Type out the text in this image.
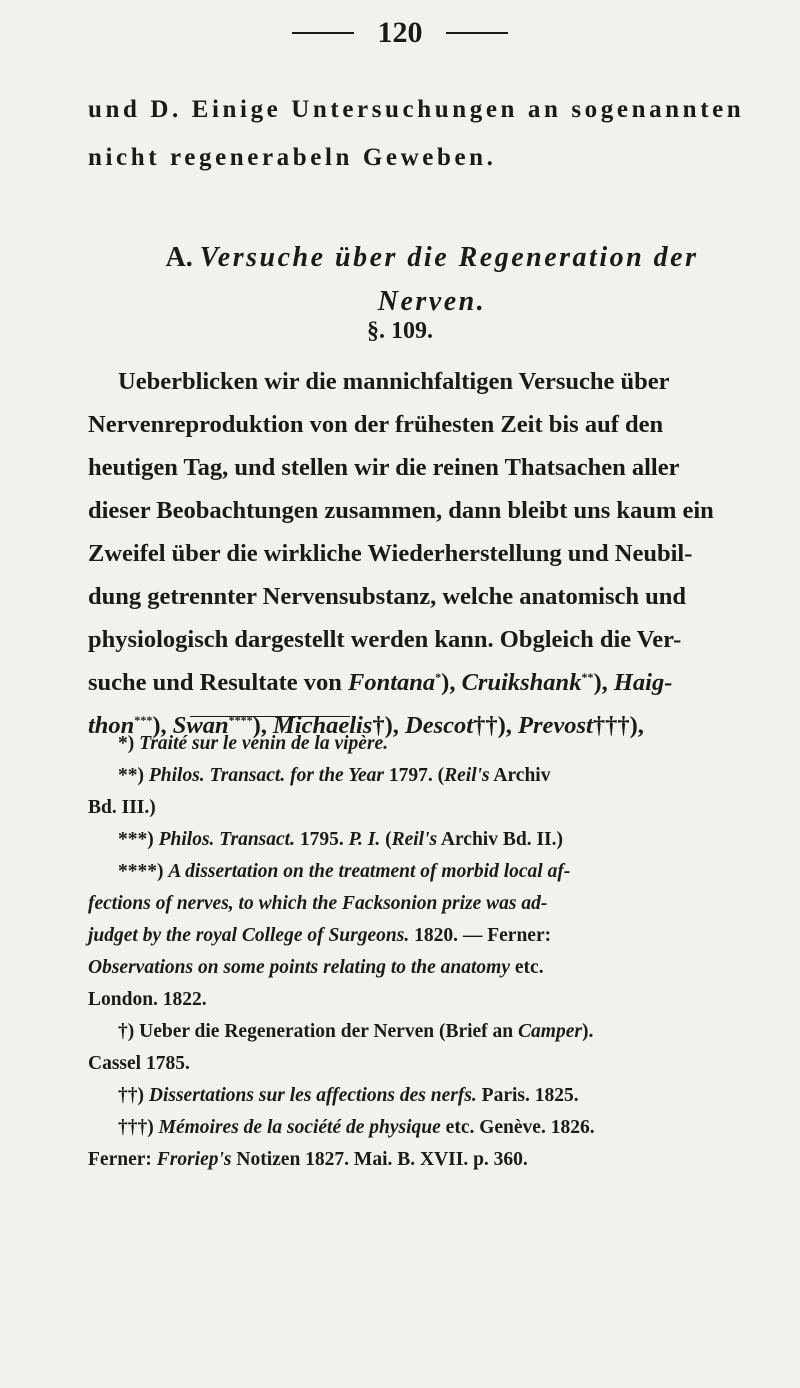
120
und D. Einige Untersuchungen an sogenannten
nicht regenerabeln Geweben.
A. Versuche über die Regeneration der
Nerven.
§. 109.
Ueberblicken wir die mannichfaltigen Versuche über
Nervenreproduktion von der frühesten Zeit bis auf den
heutigen Tag, und stellen wir die reinen Thatsachen aller
dieser Beobachtungen zusammen, dann bleibt uns kaum ein
Zweifel über die wirkliche Wiederherstellung und Neubil-
dung getrennter Nervensubstanz, welche anatomisch und
physiologisch dargestellt werden kann. Obgleich die Ver-
suche und Resultate von Fontana*), Cruikshank**), Haig-
thon***), Swan****), Michaelis†), Descot††), Prevost†††),
*) Traité sur le venin de la vipère.
**) Philos. Transact. for the Year 1797. (Reil's Archiv
Bd. III.)
***) Philos. Transact. 1795. P. I. (Reil's Archiv Bd. II.)
****) A dissertation on the treatment of morbid local af-
fections of nerves, to which the Facksonion prize was ad-
judget by the royal College of Surgeons. 1820. — Ferner:
Observations on some points relating to the anatomy etc.
London. 1822.
†) Ueber die Regeneration der Nerven (Brief an Camper).
Cassel 1785.
††) Dissertations sur les affections des nerfs. Paris. 1825.
†††) Mémoires de la société de physique etc. Genève. 1826.
Ferner: Froriep's Notizen 1827. Mai. B. XVII. p. 360.
